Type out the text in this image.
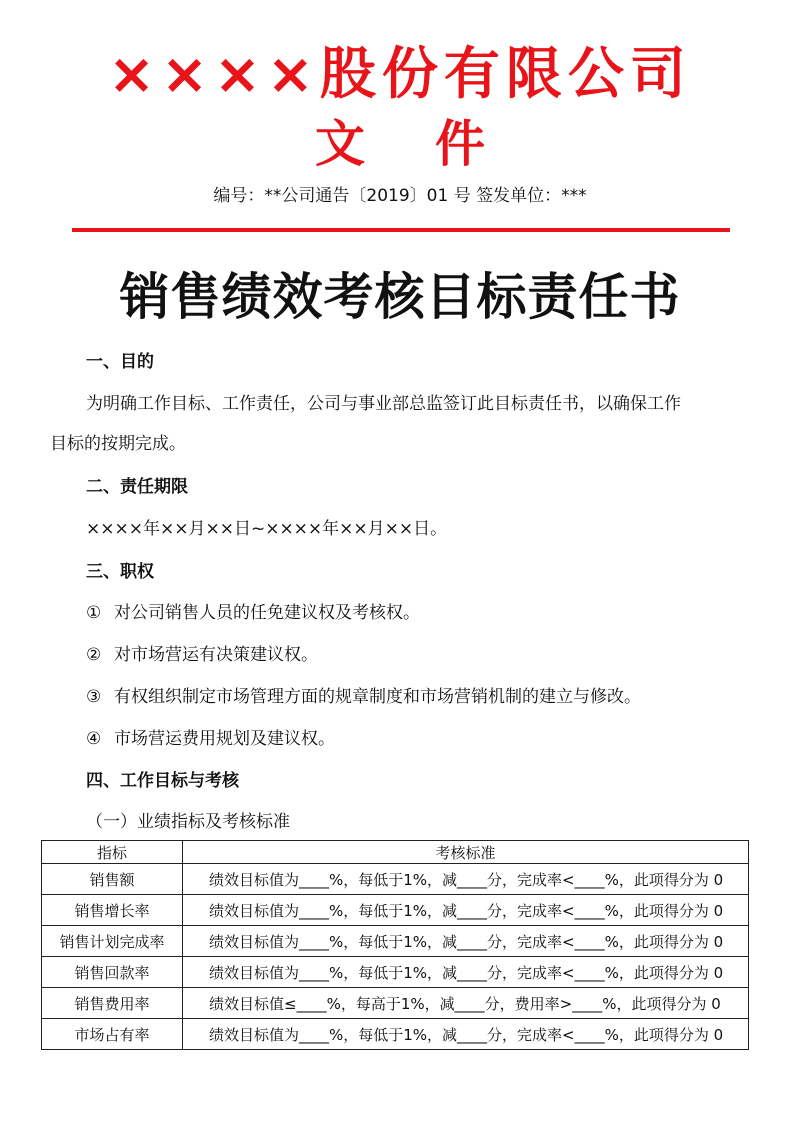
××××股份有限公司
文 件
编号：**公司通告〔2019〕01 号 签发单位：***
销售绩效考核目标责任书
一、目的
为明确工作目标、工作责任，公司与事业部总监签订此目标责任书，以确保工作
目标的按期完成。
二、责任期限
××××年××月××日~××××年××月××日。
三、职权
① 对公司销售人员的任免建议权及考核权。
② 对市场营运有决策建议权。
③ 有权组织制定市场管理方面的规章制度和市场营销机制的建立与修改。
④ 市场营运费用规划及建议权。
四、工作目标与考核
（一）业绩指标及考核标准
指标	考核标准
销售额	绩效目标值为____%，每低于1%，减____分，完成率<____%，此项得分为 0
销售增长率	绩效目标值为____%，每低于1%，减____分，完成率<____%，此项得分为 0
销售计划完成率	绩效目标值为____%，每低于1%，减____分，完成率<____%，此项得分为 0
销售回款率	绩效目标值为____%，每低于1%，减____分，完成率<____%，此项得分为 0
销售费用率	绩效目标值≤____%，每高于1%，减____分，费用率>____%，此项得分为 0
市场占有率	绩效目标值为____%，每低于1%，减____分，完成率<____%，此项得分为 0
